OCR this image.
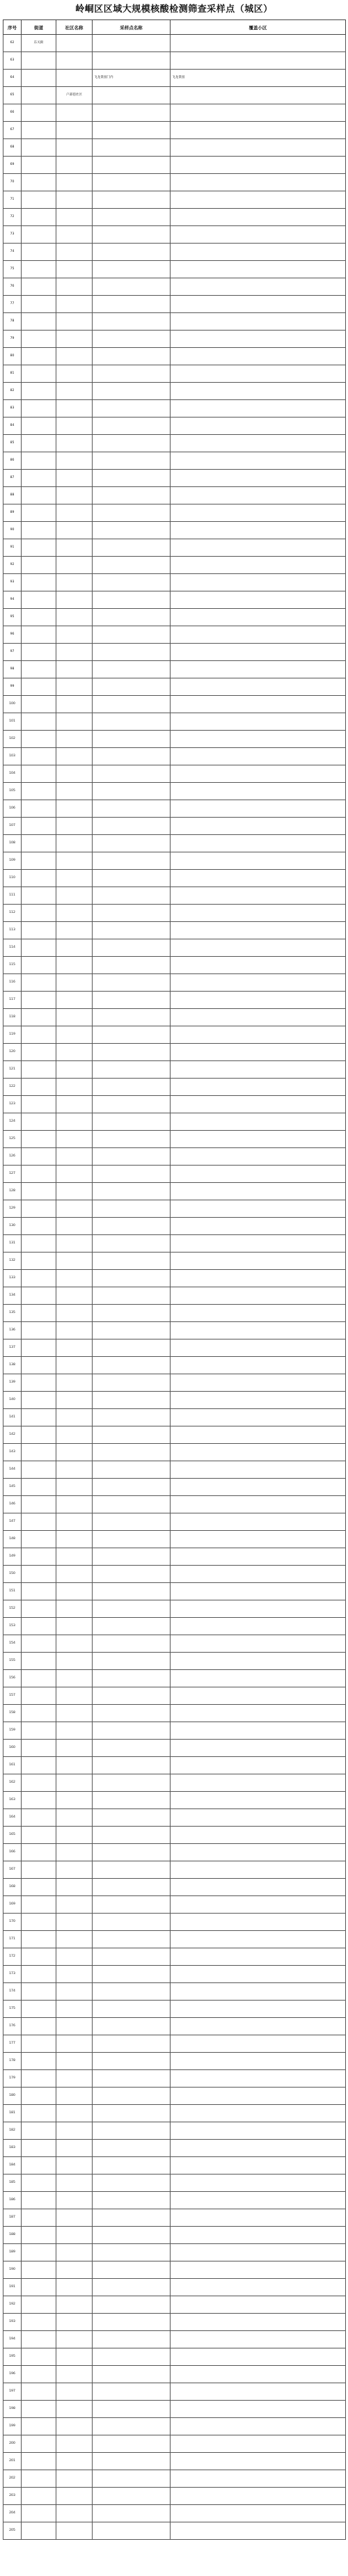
岭峒区区域大规模核酸检测筛查采样点（城区）
序号	街道	社区名称	采样点名称	覆盖小区
62	东关街			
63				
64			飞龙景园门内	飞龙景园
65		户部巷社区		
66				
67				
68				
69				
70				
71				
72				
73				
74				
75				
76				
77				
78				
79				
80				
81				
82				
83				
84				
85				
86				
87				
88				
89				
90				
91				
92				
93				
94				
95				
96				
97				
98				
99				
100				
101				
102				
103				
104				
105				
106				
107				
108				
109				
110				
111				
112				
113				
114				
115				
116				
117				
118				
119				
120				
121				
122				
123				
124				
125				
126				
127				
128				
129				
130				
131				
132				
133				
134				
135				
136				
137				
138				
139				
140				
141				
142				
143				
144				
145				
146				
147				
148				
149				
150				
151				
152				
153				
154				
155				
156				
157				
158				
159				
160				
161				
162				
163				
164				
165				
166				
167				
168				
169				
170				
171				
172				
173				
174				
175				
176				
177				
178				
179				
180				
181				
182				
183				
184				
185				
186				
187				
188				
189				
190				
191				
192				
193				
194				
195				
196				
197				
198				
199				
200				
201				
202				
203				
204				
205				
